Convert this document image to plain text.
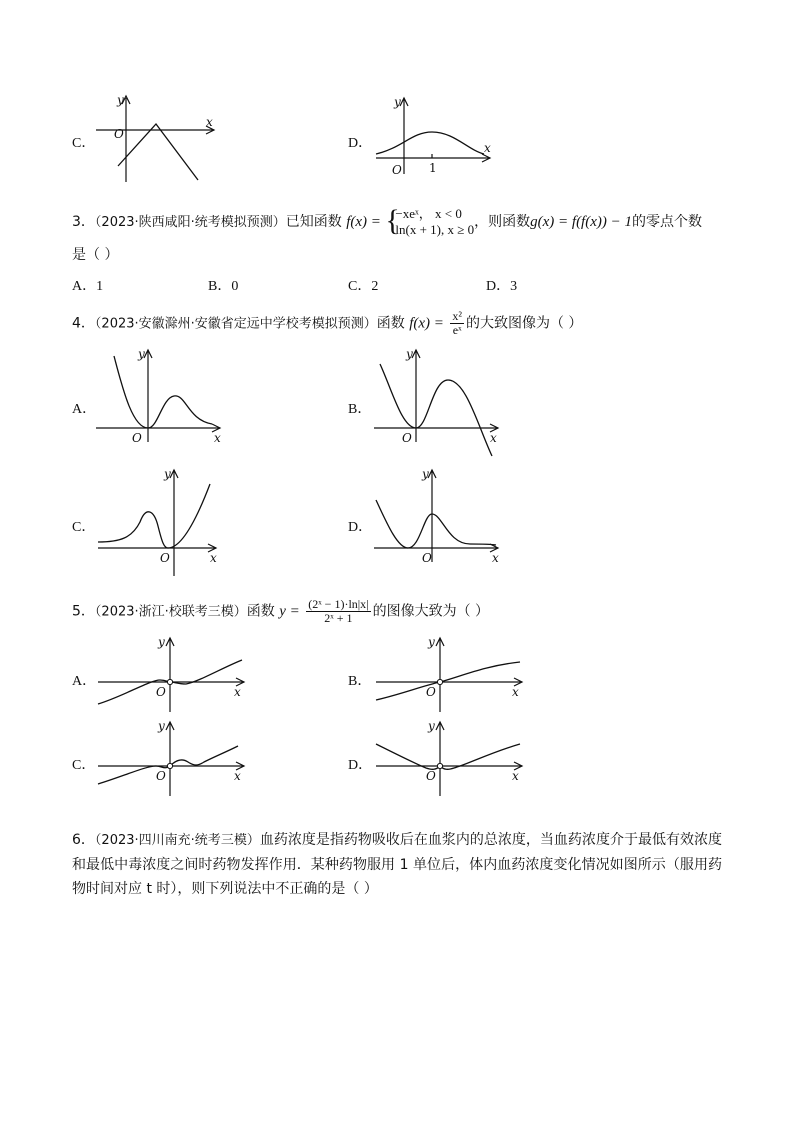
C．
y
x
O
D．
y
x
O 1
3．（2023·陕西咸阳·统考模拟预测）已知函数 f(x) = {
−xeˣ， x < 0
ln(x + 1), x ≥ 0 ，则函数g(x) = f(f(x)) − 1的零点个数
是（ ）
A．1	B．0	C．2	D．3
4．（2023·安徽滁州·安徽省定远中学校考模拟预测）函数 $f(x) = \frac{\text{x²}}{\text{eˣ}}$ 的大致图像为（ ）
A．
y
x
O
B．
y
x
O
C．
y
x
O
D．
y
x
O
5．（2023·浙江·校联考三模）函数 $y = \frac{\text{(2ˣ − 1)·ln|x|}}{\text{2ˣ + 1}}$ 的图像大致为（ ）
A．
y
x
O
B．
y
x
O
C．
y
x
O
D．
y
x
O
6．（2023·四川南充·统考三模）血药浓度是指药物吸收后在血浆内的总浓度，当血药浓度介于最低有效浓度和最低中毒浓度之间时药物发挥作用．某种药物服用 1 单位后，体内血药浓度变化情况如图所示（服用药物时间对应 t 时），则下列说法中不正确的是（ ）
